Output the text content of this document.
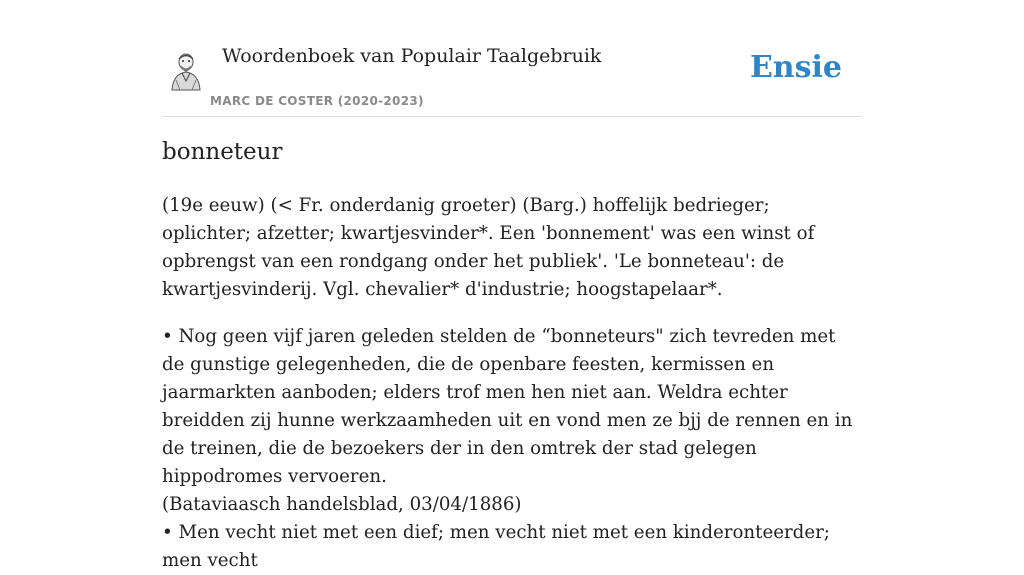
Woordenboek van Populair Taalgebruik
MARC DE COSTER (2020-2023)
Ensie
bonneteur

(19e eeuw) (< Fr. onderdanig groeter) (Barg.) hoffelijk bedrieger; oplichter; afzetter; kwartjesvinder*. Een 'bonnement' was een winst of opbrengst van een rondgang onder het publiek'. 'Le bonneteau': de kwartjesvinderij. Vgl. chevalier* d'industrie; hoogstapelaar*.

• Nog geen vijf jaren geleden stelden de “bonneteurs" zich tevreden met de gunstige gelegenheden, die de openbare feesten, kermissen en jaarmarkten aanboden; elders trof men hen niet aan. Weldra echter breidden zij hunne werkzaamheden uit en vond men ze bjj de rennen en in de treinen, die de bezoekers der in den omtrek der stad gelegen hippodromes vervoeren.
(Bataviaasch handelsblad, 03/04/1886)
• Men vecht niet met een dief; men vecht niet met een kinderonteerder; men vecht
